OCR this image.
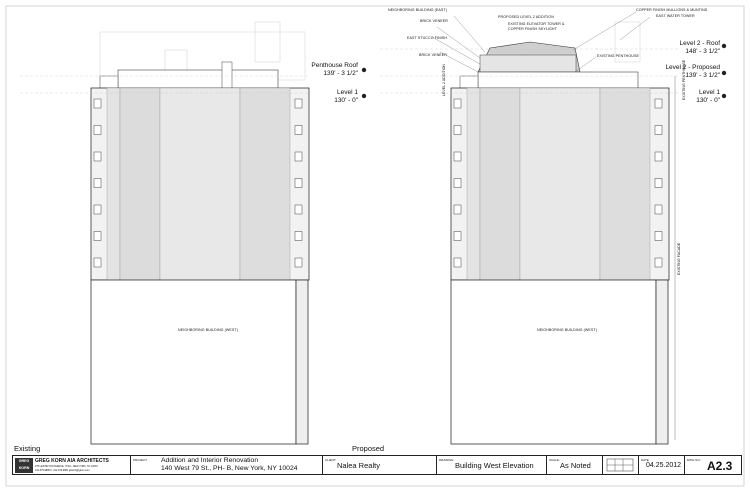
Penthouse Roof
139' - 3 1/2"
Level 1
130' - 0"
Level 2 - Roof
148' - 3 1/2"
Level 2 - Proposed
139' - 3 1/2"
Level 1
130' - 0"
NEIGHBORING BUILDING (EAST)
BRICK VENEER
PROPOSED LEVEL 2 ADDITION
EXISTING ELEVATOR TOWER &
COPPER FINISH SKYLIGHT
EAST STUCCO FINISH
BRICK VENEER
COPPER FINISH MULLIONS & MUNTINS
EAST WATER TOWER
EXISTING PENTHOUSE
LEVEL 2 ADDITION	EXISTING PENTHOUSE
EXISTING FACADE
NEIGHBORING BUILDING (WEST)	NEIGHBORING BUILDING (WEST)
Existing	Proposed
GREG KORN
GREG KORN AIA ARCHITECTS
275 LEXINGTON AVENUE, 7C/FL, NEW YORK, NY 10016
212-679-9880 F: 212-679-9881 gkarch@gkorn.com
PROJECT: Addition and Interior Renovation
140 West 79 St., PH- B, New York, NY 10024
CLIENT:
Nalea Realty
DRAWING:
Building West Elevation
SCALE:
As Noted
DATE:
04.25.2012
DWG NO.: A2.3
